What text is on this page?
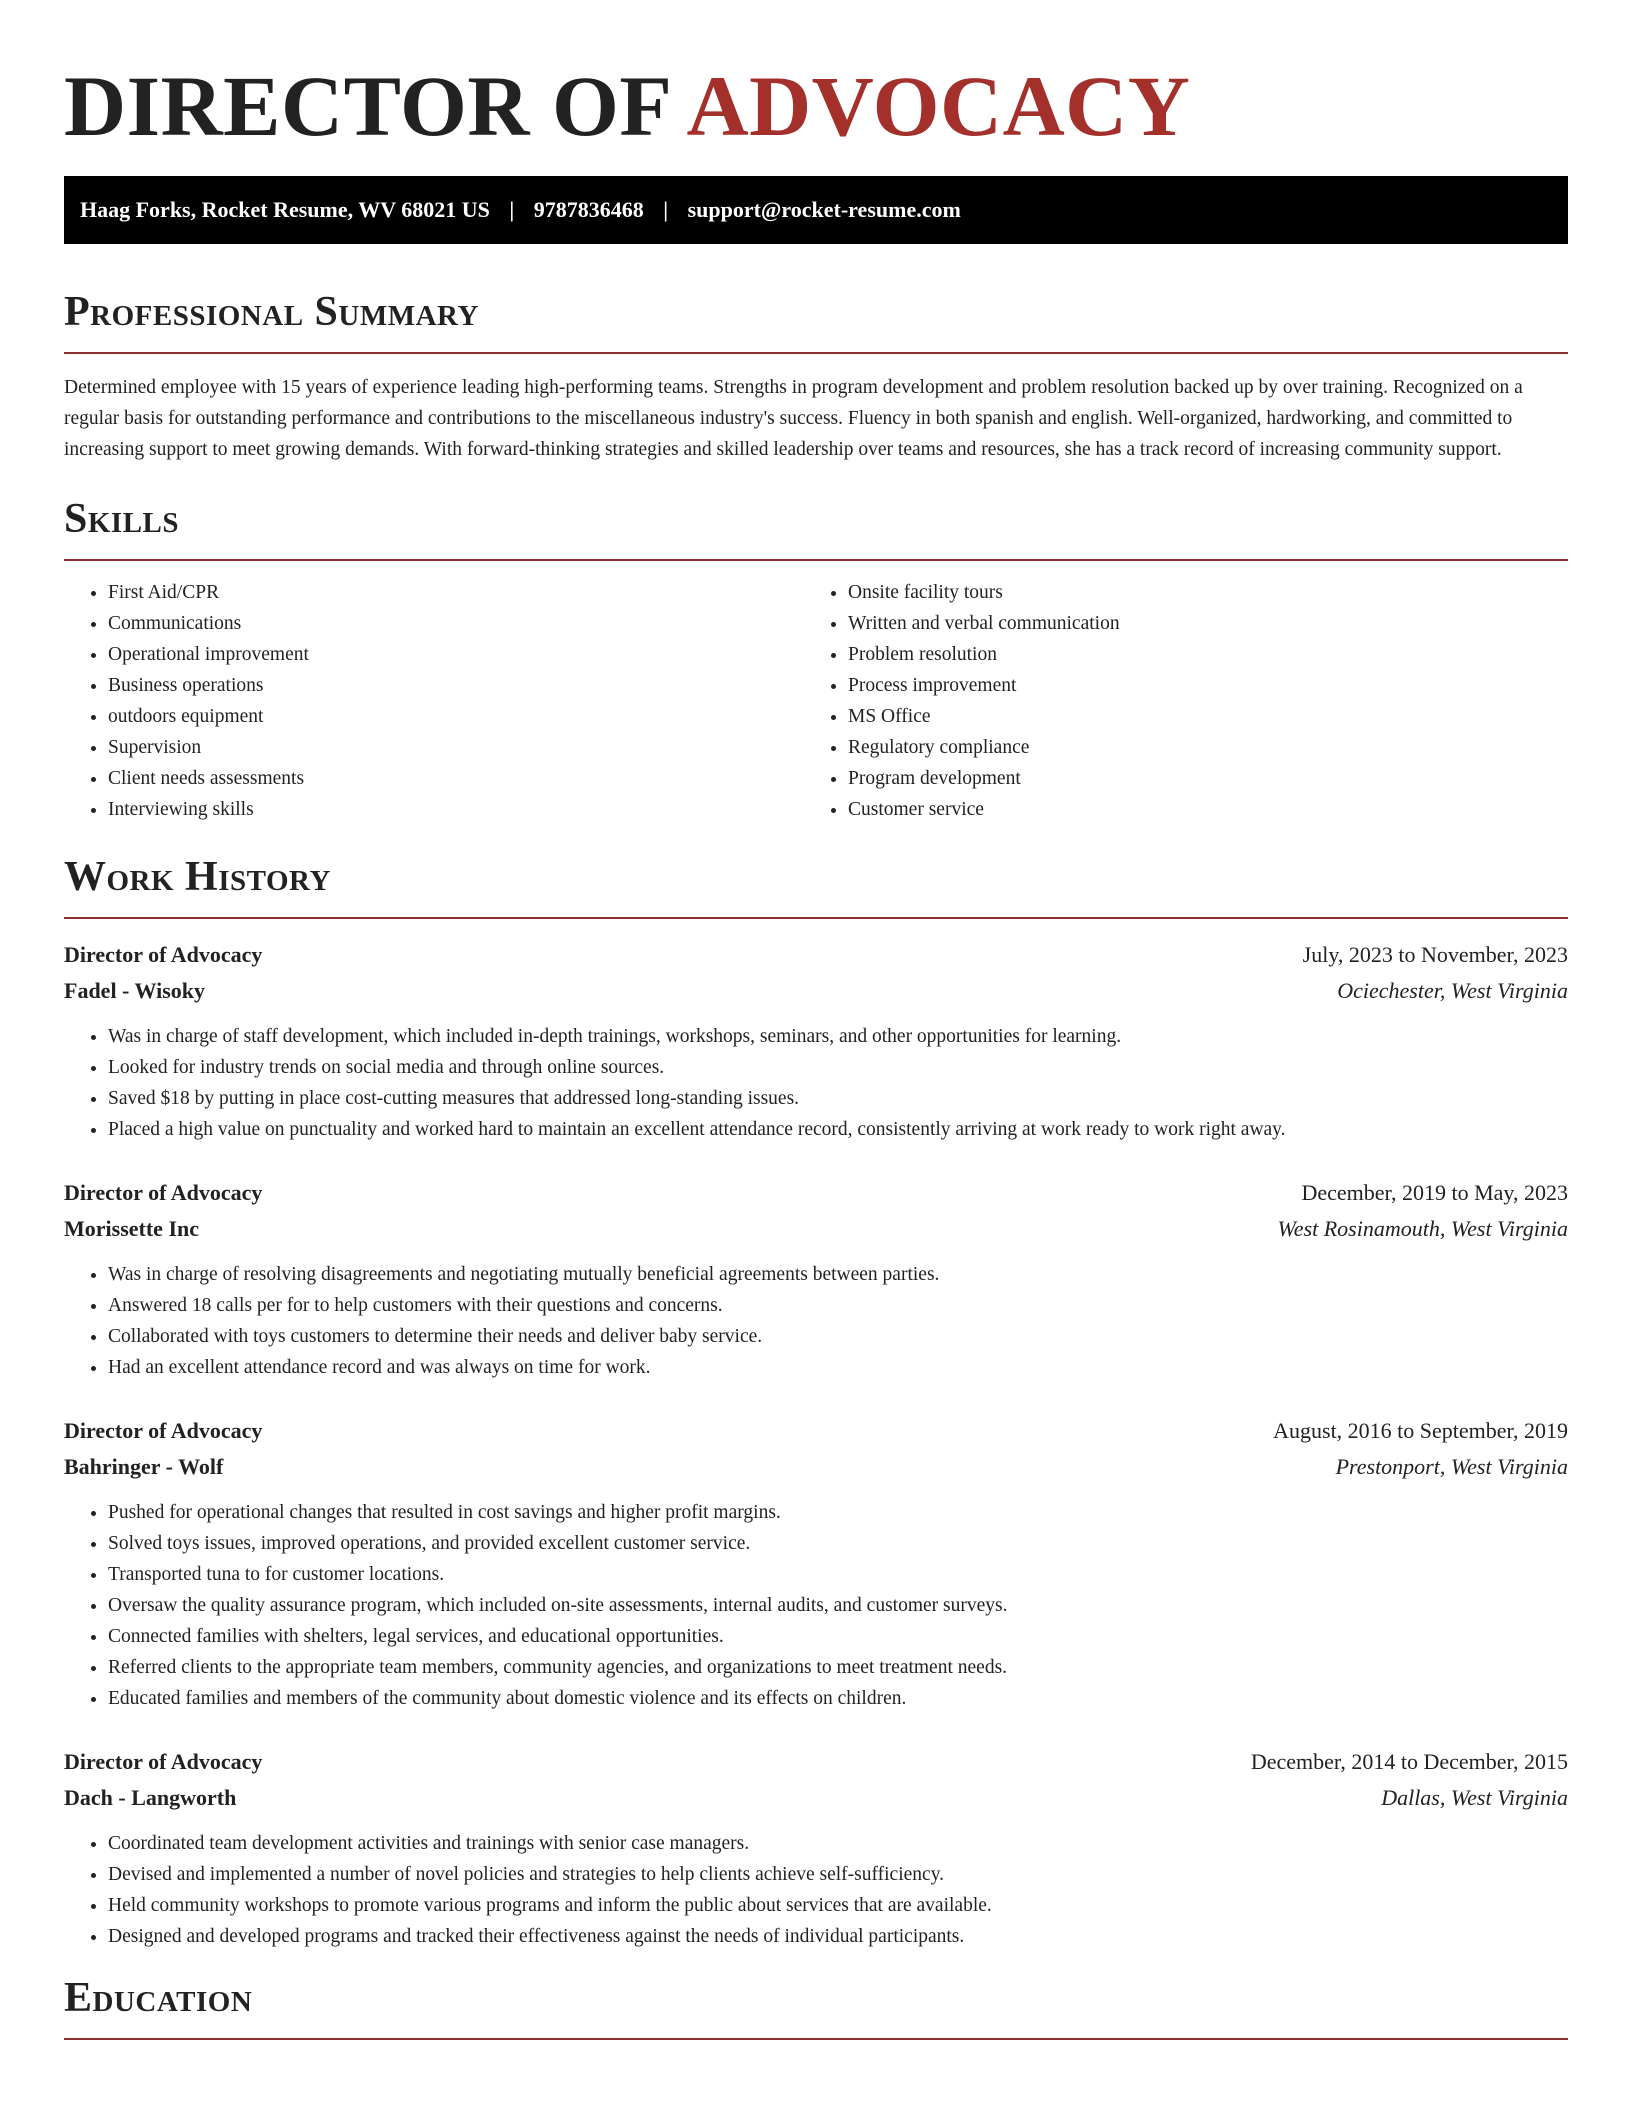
DIRECTOR OF ADVOCACY
Haag Forks, Rocket Resume, WV 68021 US | 9787836468 | support@rocket-resume.com
Professional Summary

Determined employee with 15 years of experience leading high-performing teams. Strengths in program development and problem resolution backed up by over training. Recognized on a regular basis for outstanding performance and contributions to the miscellaneous industry's success. Fluency in both spanish and english. Well-organized, hardworking, and committed to increasing support to meet growing demands. With forward-thinking strategies and skilled leadership over teams and resources, she has a track record of increasing community support.

Skills
• First Aid/CPR
• Communications
• Operational improvement
• Business operations
• outdoors equipment
• Supervision
• Client needs assessments
• Interviewing skills
• Onsite facility tours
• Written and verbal communication
• Problem resolution
• Process improvement
• MS Office
• Regulatory compliance
• Program development
• Customer service
Work History
Director of Advocacy	July, 2023 to November, 2023
Fadel - Wisoky	Ociechester, West Virginia
• Was in charge of staff development, which included in-depth trainings, workshops, seminars, and other opportunities for learning.
• Looked for industry trends on social media and through online sources.
• Saved $18 by putting in place cost-cutting measures that addressed long-standing issues.
• Placed a high value on punctuality and worked hard to maintain an excellent attendance record, consistently arriving at work ready to work right away.
Director of Advocacy	December, 2019 to May, 2023
Morissette Inc	West Rosinamouth, West Virginia
• Was in charge of resolving disagreements and negotiating mutually beneficial agreements between parties.
• Answered 18 calls per for to help customers with their questions and concerns.
• Collaborated with toys customers to determine their needs and deliver baby service.
• Had an excellent attendance record and was always on time for work.
Director of Advocacy	August, 2016 to September, 2019
Bahringer - Wolf	Prestonport, West Virginia
• Pushed for operational changes that resulted in cost savings and higher profit margins.
• Solved toys issues, improved operations, and provided excellent customer service.
• Transported tuna to for customer locations.
• Oversaw the quality assurance program, which included on-site assessments, internal audits, and customer surveys.
• Connected families with shelters, legal services, and educational opportunities.
• Referred clients to the appropriate team members, community agencies, and organizations to meet treatment needs.
• Educated families and members of the community about domestic violence and its effects on children.
Director of Advocacy	December, 2014 to December, 2015
Dach - Langworth	Dallas, West Virginia
• Coordinated team development activities and trainings with senior case managers.
• Devised and implemented a number of novel policies and strategies to help clients achieve self-sufficiency.
• Held community workshops to promote various programs and inform the public about services that are available.
• Designed and developed programs and tracked their effectiveness against the needs of individual participants.
Education
